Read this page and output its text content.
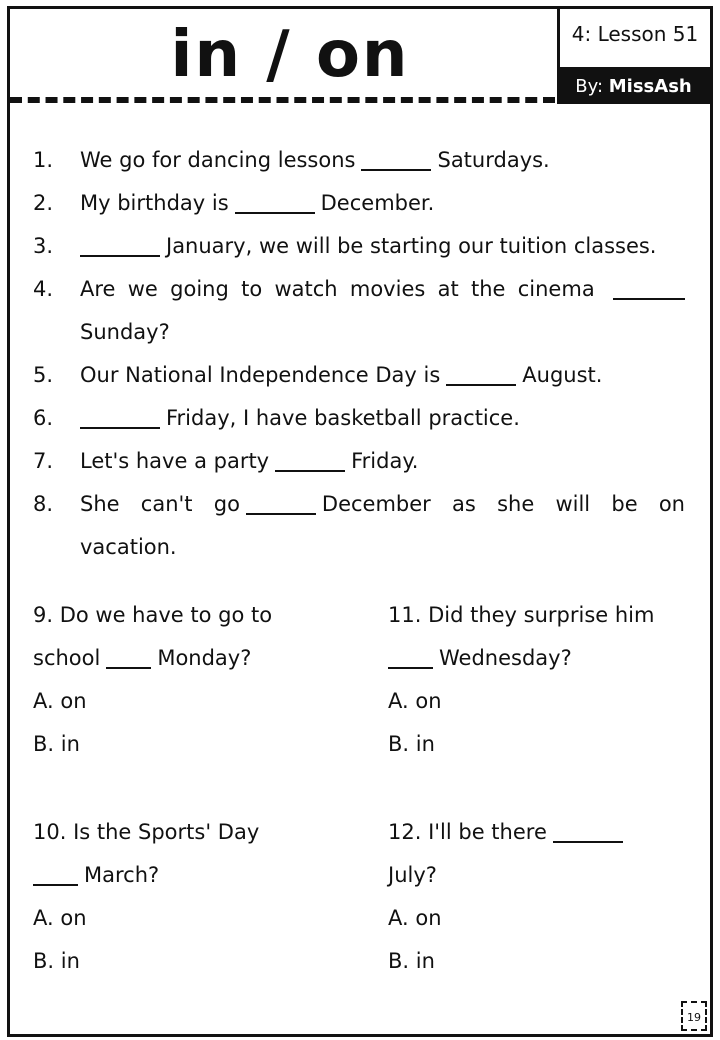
in / on	4: Lesson 51
By: MissAsh
1.	We go for dancing lessons	Saturdays.
2.	My birthday is	December.
3.	January, we will be starting our tuition classes.
4.	Are we going to watch movies at the cinema
Sunday?
5.	Our National Independence Day is	August.
6.	Friday, I have basketball practice.
7.	Let's have a party	Friday.
8.	She can't go	December as she will be on vacation.
9. Do we have to go to
school	Monday?
A. on
B. in
11. Did they surprise him
Wednesday?
A. on
B. in
10. Is the Sports' Day
March?
A. on
B. in
12. I'll be there
July?
A. on
B. in
19
